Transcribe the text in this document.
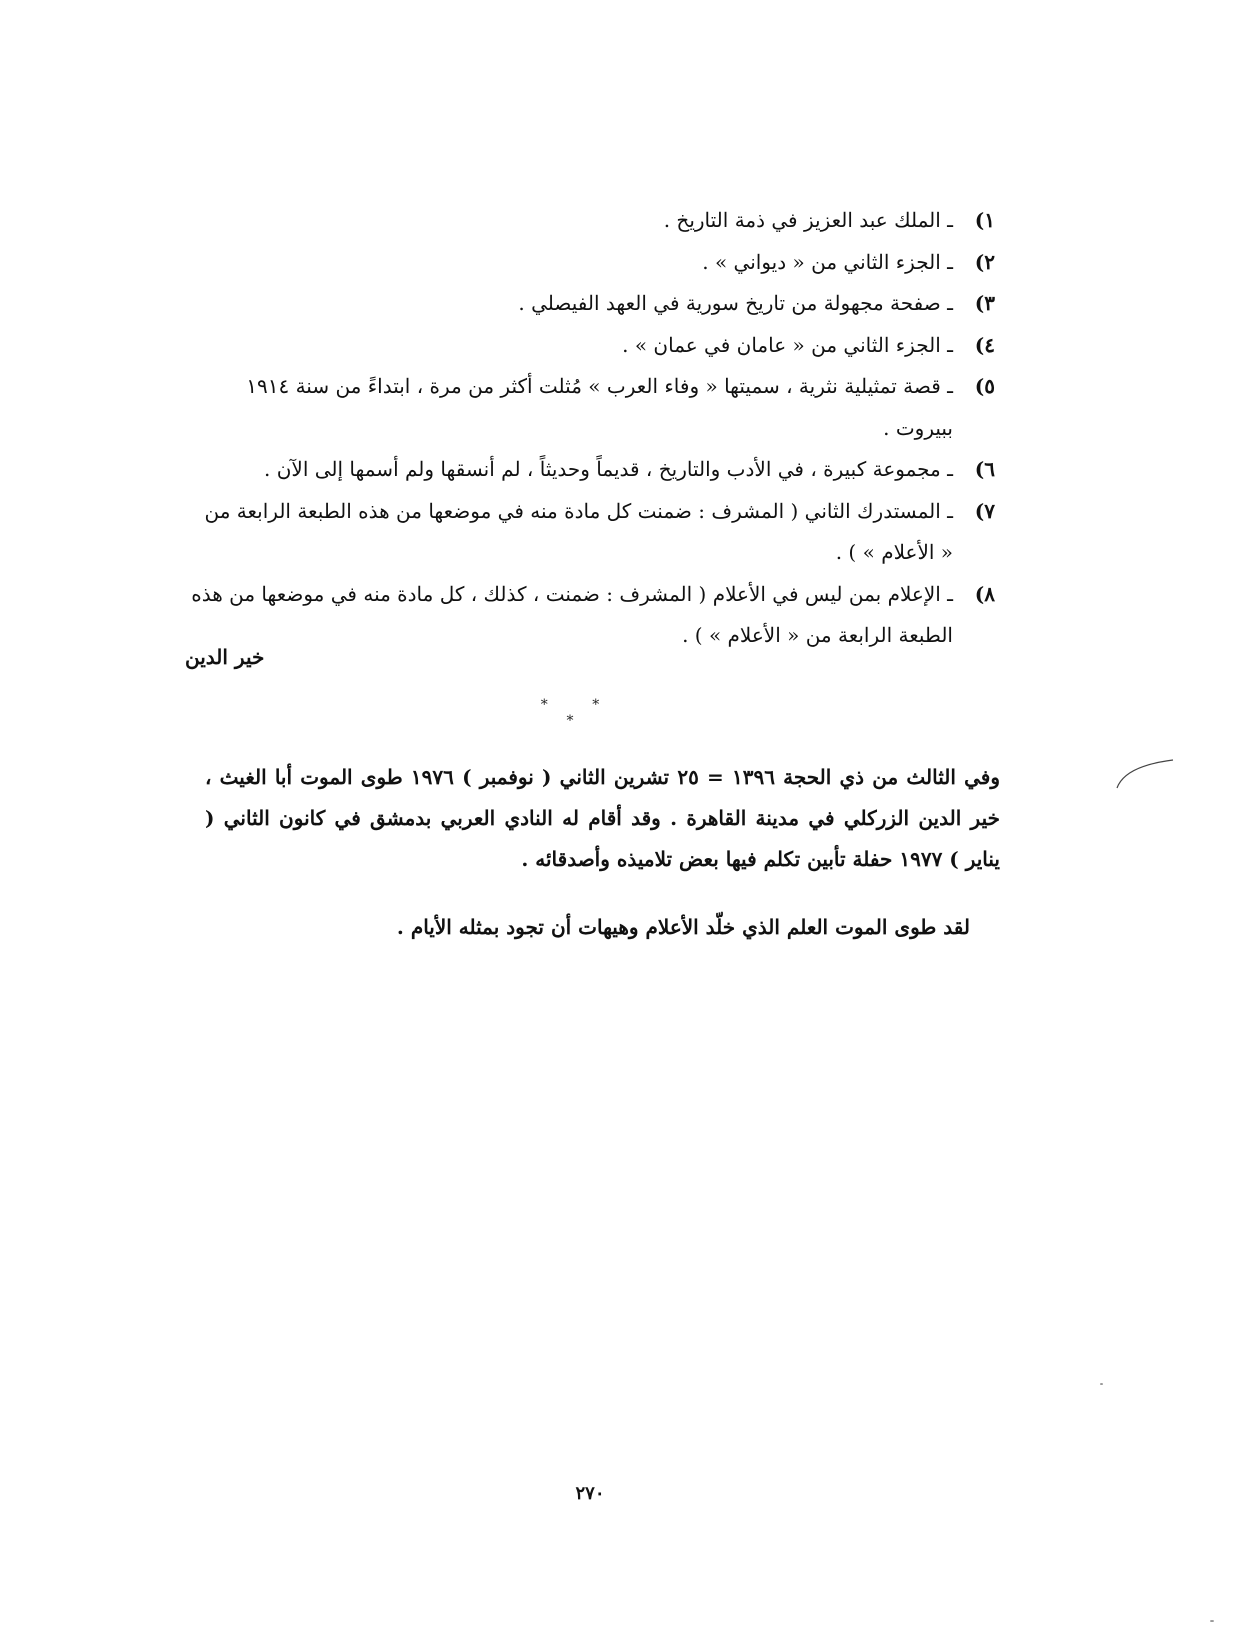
١)
ـ الملك عبد العزيز في ذمة التاريخ .
٢)
ـ الجزء الثاني من « ديواني » .
٣)
ـ صفحة مجهولة من تاريخ سورية في العهد الفيصلي .
٤)
ـ الجزء الثاني من « عامان في عمان » .
٥)
ـ قصة تمثيلية نثرية ، سميتها « وفاء العرب » مُثلت أكثر من مرة ، ابتداءً من سنة ١٩١٤ ببيروت .
٦)
ـ مجموعة كبيرة ، في الأدب والتاريخ ، قديماً وحديثاً ، لم أنسقها ولم أسمها إلى الآن .
٧)
ـ المستدرك الثاني ( المشرف : ضمنت كل مادة منه في موضعها من هذه الطبعة الرابعة من « الأعلام » ) .
٨)
ـ الإعلام بمن ليس في الأعلام ( المشرف : ضمنت ، كذلك ، كل مادة منه في موضعها من هذه الطبعة الرابعة من « الأعلام » ) .
خير الدين
* * *

وفي الثالث من ذي الحجة ١٣٩٦ = ٢٥ تشرين الثاني ( نوفمبر ) ١٩٧٦ طوى الموت أبا الغيث ، خير الدين الزركلي في مدينة القاهرة . وقد أقام له النادي العربي بدمشق في كانون الثاني ( يناير ) ١٩٧٧ حفلة تأبين تكلم فيها بعض تلاميذه وأصدقائه .

لقد طوى الموت العلم الذي خلّد الأعلام وهيهات أن تجود بمثله الأيام .

٢٧٠
